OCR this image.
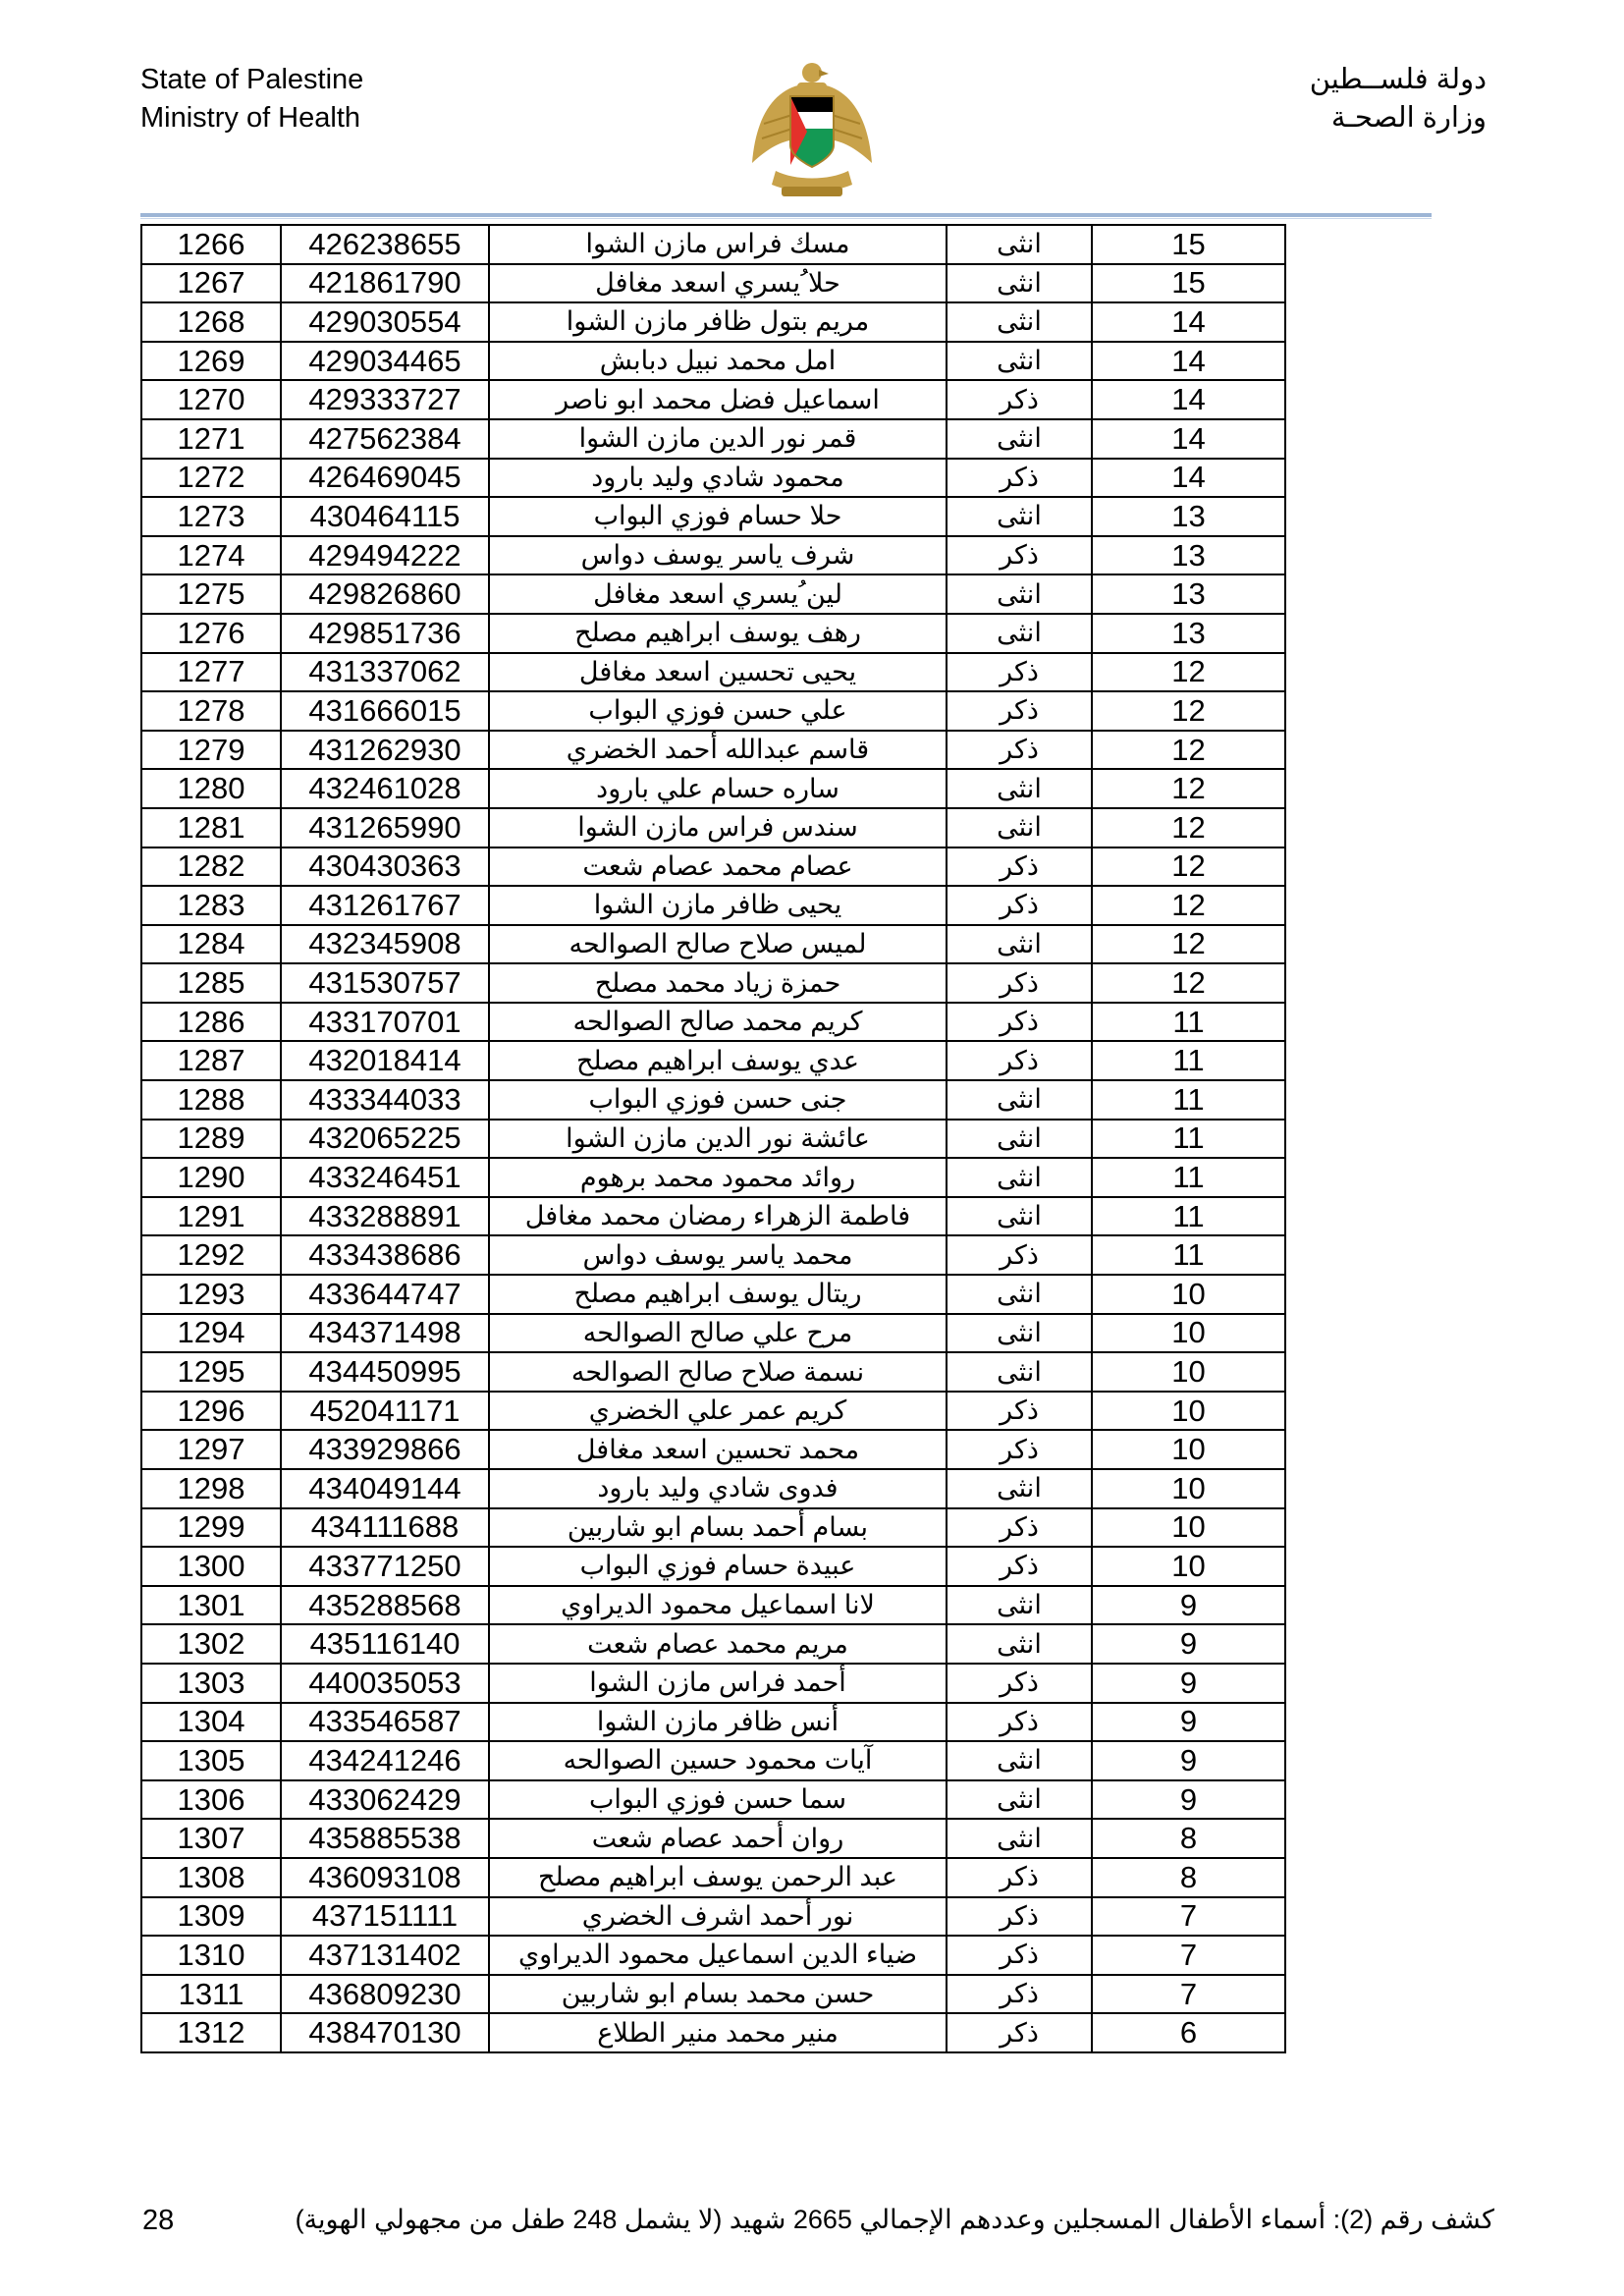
State of Palestine
Ministry of Health
دولة فلســطين
وزارة الصحـة
1266	426238655	مسك فراس مازن الشوا	انثى	15
1267	421861790	حلا ُيسري اسعد مغافل	انثى	15
1268	429030554	مريم بتول ظافر مازن الشوا	انثى	14
1269	429034465	امل محمد نبيل دبابش	انثى	14
1270	429333727	اسماعيل فضل محمد ابو ناصر	ذكر	14
1271	427562384	قمر نور الدين مازن الشوا	انثى	14
1272	426469045	محمود شادي وليد بارود	ذكر	14
1273	430464115	حلا حسام فوزي البواب	انثى	13
1274	429494222	شرف ياسر يوسف دواس	ذكر	13
1275	429826860	لين ُيسري اسعد مغافل	انثى	13
1276	429851736	رهف يوسف ابراهيم مصلح	انثى	13
1277	431337062	يحيى تحسين اسعد مغافل	ذكر	12
1278	431666015	علي حسن فوزي البواب	ذكر	12
1279	431262930	قاسم عبدالله أحمد الخضري	ذكر	12
1280	432461028	ساره حسام علي بارود	انثى	12
1281	431265990	سندس فراس مازن الشوا	انثى	12
1282	430430363	عصام محمد عصام شعت	ذكر	12
1283	431261767	يحيى ظافر مازن الشوا	ذكر	12
1284	432345908	لميس صلاح صالح الصوالحه	انثى	12
1285	431530757	حمزة زياد محمد مصلح	ذكر	12
1286	433170701	كريم محمد صالح الصوالحه	ذكر	11
1287	432018414	عدي يوسف ابراهيم مصلح	ذكر	11
1288	433344033	جنى حسن فوزي البواب	انثى	11
1289	432065225	عائشة نور الدين مازن الشوا	انثى	11
1290	433246451	روائد محمود محمد برهوم	انثى	11
1291	433288891	فاطمة الزهراء رمضان محمد مغافل	انثى	11
1292	433438686	محمد ياسر يوسف دواس	ذكر	11
1293	433644747	ريتال يوسف ابراهيم مصلح	انثى	10
1294	434371498	مرح علي صالح الصوالحه	انثى	10
1295	434450995	نسمة صلاح صالح الصوالحه	انثى	10
1296	452041171	كريم عمر علي الخضري	ذكر	10
1297	433929866	محمد تحسين اسعد مغافل	ذكر	10
1298	434049144	فدوى شادي وليد بارود	انثى	10
1299	434111688	بسام أحمد بسام ابو شاربين	ذكر	10
1300	433771250	عبيدة حسام فوزي البواب	ذكر	10
1301	435288568	لانا اسماعيل محمود الديراوي	انثى	9
1302	435116140	مريم محمد عصام شعت	انثى	9
1303	440035053	أحمد فراس مازن الشوا	ذكر	9
1304	433546587	أنس ظافر مازن الشوا	ذكر	9
1305	434241246	آيات محمود حسين الصوالحه	انثى	9
1306	433062429	سما حسن فوزي البواب	انثى	9
1307	435885538	روان أحمد عصام شعت	انثى	8
1308	436093108	عبد الرحمن يوسف ابراهيم مصلح	ذكر	8
1309	437151111	نور أحمد اشرف الخضري	ذكر	7
1310	437131402	ضياء الدين اسماعيل محمود الديراوي	ذكر	7
1311	436809230	حسن محمد بسام ابو شاربين	ذكر	7
1312	438470130	منير محمد منير الطلاع	ذكر	6
28	كشف رقم (2): أسماء الأطفال المسجلين وعددهم الإجمالي 2665 شهيد (لا يشمل 248 طفل من مجهولي الهوية)
